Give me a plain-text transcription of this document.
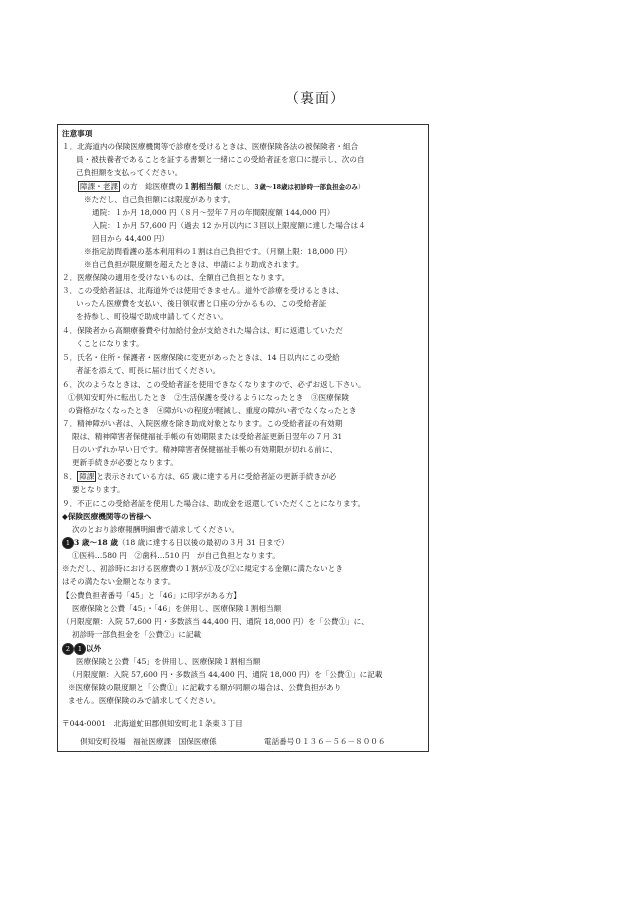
（裏面）
注意事項
１．北海道内の保険医療機関等で診療を受けるときは、医療保険各法の被保険者・組合
員・被扶養者であることを証する書類と一緒にこの受給者証を窓口に提示し、次の自
己負担額を支払ってください。
障課・老課 の方　総医療費の１割相当額（ただし、３歳～18歳は初診時一部負担金のみ）
※ただし、自己負担額には限度があります。
通院：１か月 18,000 円（８月～翌年７月の年間限度額 144,000 円）
入院：１か月 57,600 円（過去 12 か月以内に３回以上限度額に達した場合は４
回目から 44,400 円）
※指定訪問看護の基本利用料の１割は自己負担です。（月額上限：18,000 円）
※自己負担が限度額を超えたときは、申請により助成されます。
２．医療保険の適用を受けないものは、全額自己負担となります。
３．この受給者証は、北海道外では使用できません。道外で診療を受けるときは、
いったん医療費を支払い、後日領収書と口座の分かるもの、この受給者証
を持参し、町役場で助成申請してください。
４．保険者から高額療養費や付加給付金が支給された場合は、町に返還していただ
くことになります。
５．氏名・住所・保護者・医療保険に変更があったときは、14 日以内にこの受給
者証を添えて、町長に届け出てください。
６．次のようなときは、この受給者証を使用できなくなりますので、必ずお返し下さい。
①倶知安町外に転出したとき　②生活保護を受けるようになったとき　③医療保険
の資格がなくなったとき　④障がいの程度が軽減し、重度の障がい者でなくなったとき
７．精神障がい者は、入院医療を除き助成対象となります。この受給者証の有効期
限は、精神障害者保健福祉手帳の有効期限または受給者証更新日翌年の７月 31
日のいずれか早い日です。精神障害者保健福祉手帳の有効期限が切れる前に、
更新手続きが必要となります。
８． 障課 と表示されている方は、65 歳に達する月に受給者証の更新手続きが必
要となります。
９．不正にこの受給者証を使用した場合は、助成金を返還していただくことになります。
◆保険医療機関等の皆様へ
次のとおり診療報酬明細書で請求してください。
1 3 歳～18 歳（18 歳に達する日以後の最初の３月 31 日まで）
①医科…580 円　②歯科…510 円　が自己負担となります。
※ただし、初診時における医療費の１割が①及び②に規定する金額に満たないとき
はその満たない金額となります。
【公費負担者番号「45」と「46」に印字がある方】
医療保険と公費「45」・「46」を併用し、医療保険１割相当額
（月限度額：入院 57,600 円・多数該当 44,400 円、通院 18,000 円）を「公費①」に、
初診時一部負担金を「公費②」に記載
2 1 以外
医療保険と公費「45」を併用し、医療保険１割相当額
（月限度額：入院 57,600 円・多数該当 44,400 円、通院 18,000 円）を「公費①」に記載
※医療保険の限度額と「公費①」に記載する額が同額の場合は、公費負担があり
ません。医療保険のみで請求してください。
〒044-0001　北海道虻田郡倶知安町北１条東３丁目
倶知安町役場　福祉医療課　国保医療係	電話番号０１３６－５６－８００６
